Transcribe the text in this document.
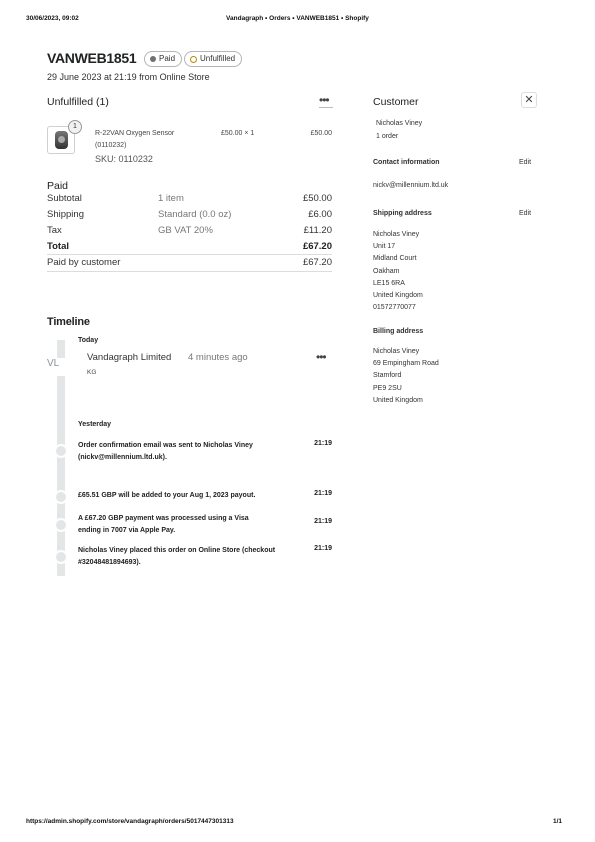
30/06/2023, 09:02	Vandagraph • Orders • VANWEB1851 • Shopify
VANWEB1851	Paid	Unfulfilled
29 June 2023 at 21:19 from Online Store
Unfulfilled (1)	•••
1
R-22VAN Oxygen Sensor
(0110232)
SKU: 0110232
£50.00 × 1	£50.00
Paid
Subtotal	1 item	£50.00
Shipping	Standard (0.0 oz)	£6.00
Tax	GB VAT 20%	£11.20
Total	£67.20
Paid by customer	£67.20
Customer	✕
Nicholas Viney
1 order
Contact information	Edit
nickv@millennium.ltd.uk
Shipping address	Edit
Nicholas Viney
Unit 17
Midland Court
Oakham
LE15 6RA
United Kingdom
01572770077
Billing address
Nicholas Viney
69 Empingham Road
Stamford
PE9 2SU
United Kingdom
Timeline
Today
VL
Vandagraph Limited 4 minutes ago
KG
•••
Yesterday
Order confirmation email was sent to Nicholas Viney
(nickv@millennium.ltd.uk).
21:19
£65.51 GBP will be added to your Aug 1, 2023 payout.	21:19
A £67.20 GBP payment was processed using a Visa
ending in 7007 via Apple Pay.
21:19
Nicholas Viney placed this order on Online Store (checkout
#32048481894693).
21:19
https://admin.shopify.com/store/vandagraph/orders/5017447301313	1/1
